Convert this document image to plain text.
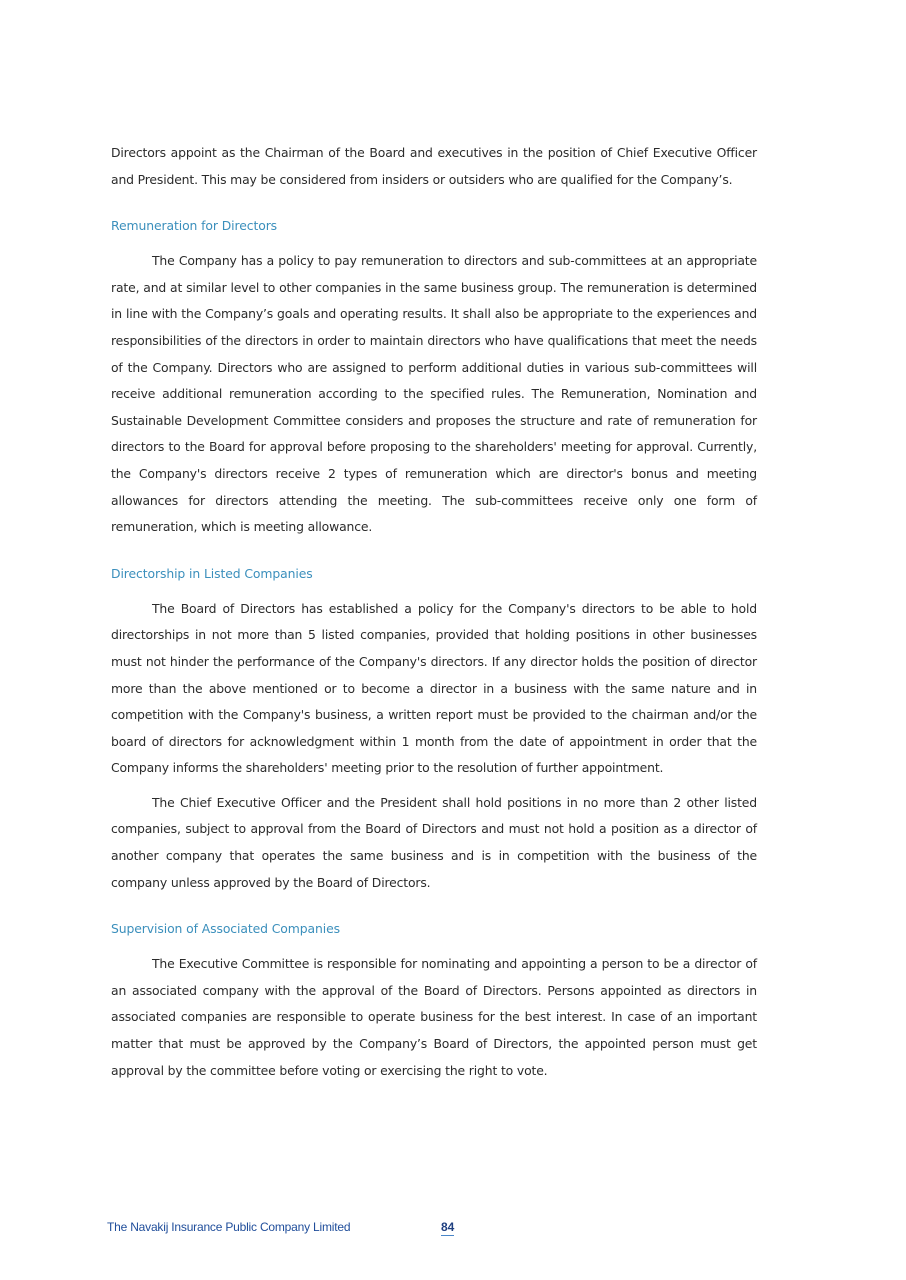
Directors appoint as the Chairman of the Board and executives in the position of Chief Executive Officer and President. This may be considered from insiders or outsiders who are qualified for the Company’s.

Remuneration for Directors

The Company has a policy to pay remuneration to directors and sub-committees at an appropriate rate, and at similar level to other companies in the same business group. The remuneration is determined in line with the Company’s goals and operating results. It shall also be appropriate to the experiences and responsibilities of the directors in order to maintain directors who have qualifications that meet the needs of the Company. Directors who are assigned to perform additional duties in various sub-committees will receive additional remuneration according to the specified rules. The Remuneration, Nomination and Sustainable Development Committee considers and proposes the structure and rate of remuneration for directors to the Board for approval before proposing to the shareholders' meeting for approval. Currently, the Company's directors receive 2 types of remuneration which are director's bonus and meeting allowances for directors attending the meeting. The sub-committees receive only one form of remuneration, which is meeting allowance.

Directorship in Listed Companies

The Board of Directors has established a policy for the Company's directors to be able to hold directorships in not more than 5 listed companies, provided that holding positions in other businesses must not hinder the performance of the Company's directors. If any director holds the position of director more than the above mentioned or to become a director in a business with the same nature and in competition with the Company's business, a written report must be provided to the chairman and/or the board of directors for acknowledgment within 1 month from the date of appointment in order that the Company informs the shareholders' meeting prior to the resolution of further appointment.

The Chief Executive Officer and the President shall hold positions in no more than 2 other listed companies, subject to approval from the Board of Directors and must not hold a position as a director of another company that operates the same business and is in competition with the business of the company unless approved by the Board of Directors.

Supervision of Associated Companies

The Executive Committee is responsible for nominating and appointing a person to be a director of an associated company with the approval of the Board of Directors. Persons appointed as directors in associated companies are responsible to operate business for the best interest. In case of an important matter that must be approved by the Company’s Board of Directors, the appointed person must get approval by the committee before voting or exercising the right to vote.

The Navakij Insurance Public Company Limited	84
